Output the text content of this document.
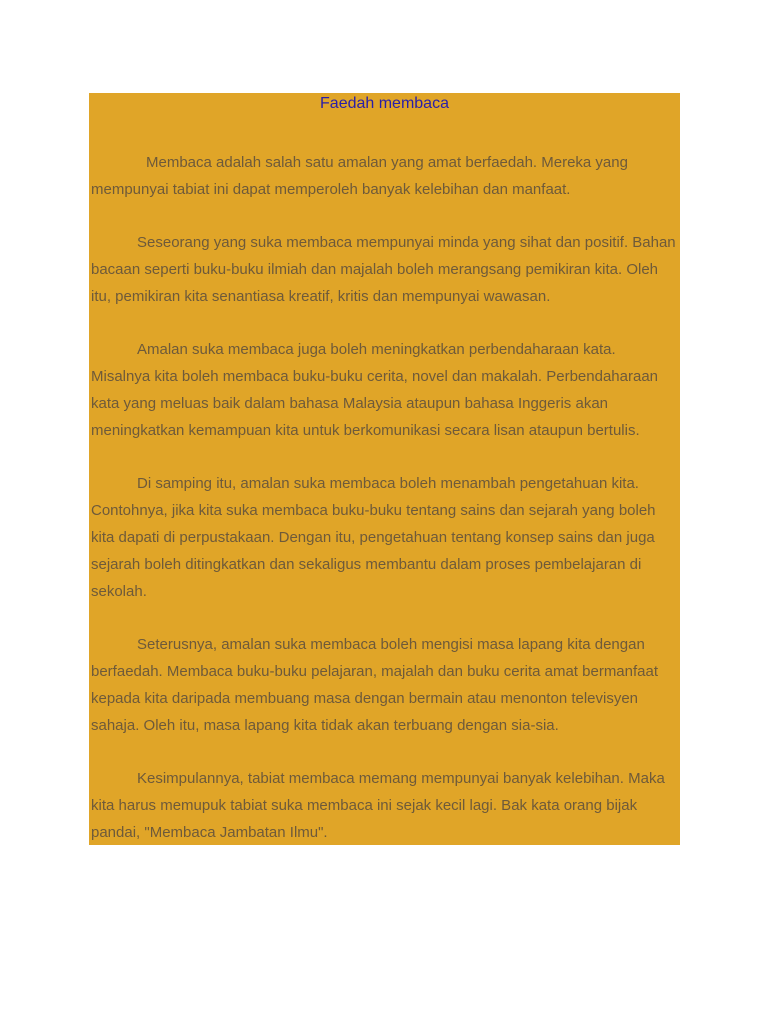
Faedah membaca

Membaca adalah salah satu amalan yang amat berfaedah. Mereka yang mempunyai tabiat ini dapat memperoleh banyak kelebihan dan manfaat.

Seseorang yang suka membaca mempunyai minda yang sihat dan positif. Bahan bacaan seperti buku-buku ilmiah dan majalah boleh merangsang pemikiran kita. Oleh itu, pemikiran kita senantiasa kreatif, kritis dan mempunyai wawasan.

Amalan suka membaca juga boleh meningkatkan perbendaharaan kata. Misalnya kita boleh membaca buku-buku cerita, novel dan makalah. Perbendaharaan kata yang meluas baik dalam bahasa Malaysia ataupun bahasa Inggeris akan meningkatkan kemampuan kita untuk berkomunikasi secara lisan ataupun bertulis.

Di samping itu, amalan suka membaca boleh menambah pengetahuan kita. Contohnya, jika kita suka membaca buku-buku tentang sains dan sejarah yang boleh kita dapati di perpustakaan. Dengan itu, pengetahuan tentang konsep sains dan juga sejarah boleh ditingkatkan dan sekaligus membantu dalam proses pembelajaran di sekolah.

Seterusnya, amalan suka membaca boleh mengisi masa lapang kita dengan berfaedah. Membaca buku-buku pelajaran, majalah dan buku cerita amat bermanfaat kepada kita daripada membuang masa dengan bermain atau menonton televisyen sahaja. Oleh itu, masa lapang kita tidak akan terbuang dengan sia-sia.

Kesimpulannya, tabiat membaca memang mempunyai banyak kelebihan. Maka kita harus memupuk tabiat suka membaca ini sejak kecil lagi. Bak kata orang bijak pandai, "Membaca Jambatan Ilmu".
